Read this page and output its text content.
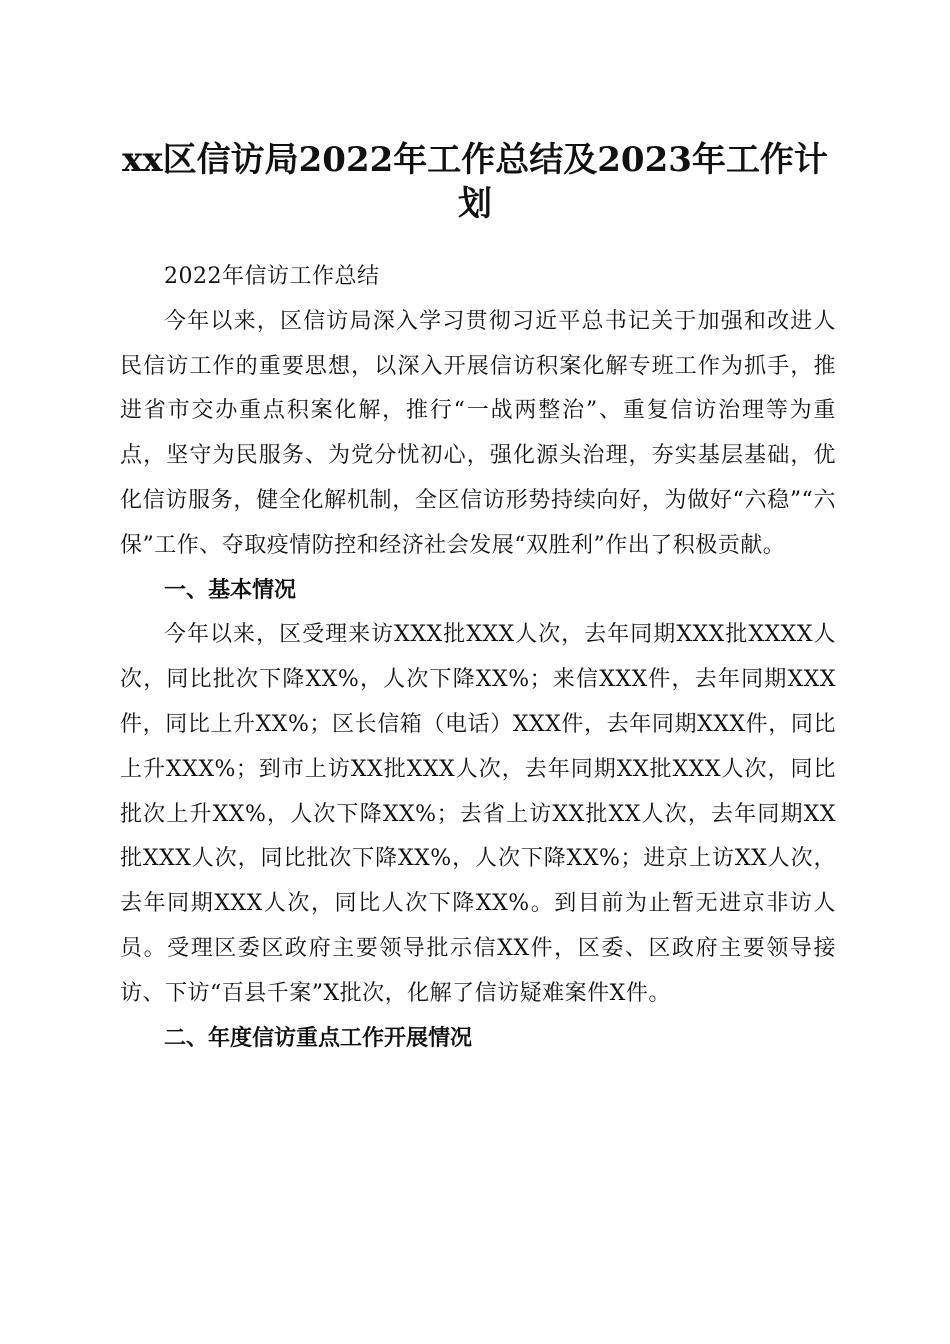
xx区信访局2022年工作总结及2023年工作计划

2022年信访工作总结

今年以来，区信访局深入学习贯彻习近平总书记关于加强和改进人民信访工作的重要思想，以深入开展信访积案化解专班工作为抓手，推进省市交办重点积案化解，推行“一战两整治”、重复信访治理等为重点，坚守为民服务、为党分忧初心，强化源头治理，夯实基层基础，优化信访服务，健全化解机制，全区信访形势持续向好，为做好“六稳”“六保”工作、夺取疫情防控和经济社会发展“双胜利”作出了积极贡献。

一、基本情况

今年以来，区受理来访XXX批XXX人次，去年同期XXX批XXXX人次，同比批次下降XX%，人次下降XX%；来信XXX件，去年同期XXX件，同比上升XX%；区长信箱（电话）XXX件，去年同期XXX件，同比上升XXX%；到市上访XX批XXX人次，去年同期XX批XXX人次，同比批次上升XX%，人次下降XX%；去省上访XX批XX人次，去年同期XX批XXX人次，同比批次下降XX%，人次下降XX%；进京上访XX人次，去年同期XXX人次，同比人次下降XX%。到目前为止暂无进京非访人员。受理区委区政府主要领导批示信XX件，区委、区政府主要领导接访、下访“百县千案”X批次，化解了信访疑难案件X件。

二、年度信访重点工作开展情况
